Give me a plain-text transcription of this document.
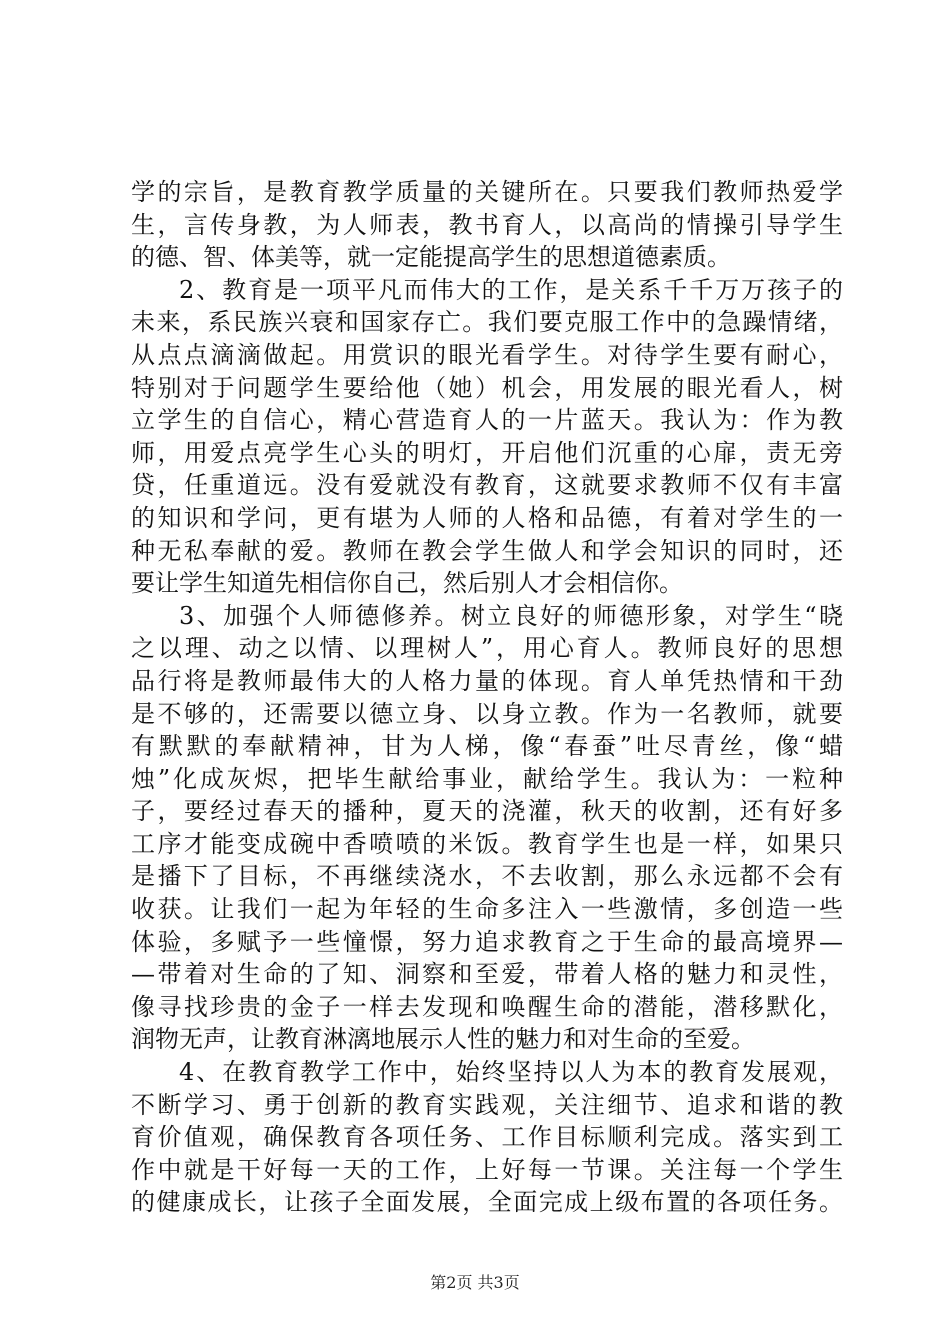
学的宗旨，是教育教学质量的关键所在。只要我们教师热爱学
生，言传身教，为人师表，教书育人，以高尚的情操引导学生
的德、智、体美等，就一定能提高学生的思想道德素质。
2、教育是一项平凡而伟大的工作，是关系千千万万孩子的
未来，系民族兴衰和国家存亡。我们要克服工作中的急躁情绪，
从点点滴滴做起。用赏识的眼光看学生。对待学生要有耐心，
特别对于问题学生要给他（她）机会，用发展的眼光看人，树
立学生的自信心，精心营造育人的一片蓝天。我认为：作为教
师，用爱点亮学生心头的明灯，开启他们沉重的心扉，责无旁
贷，任重道远。没有爱就没有教育，这就要求教师不仅有丰富
的知识和学问，更有堪为人师的人格和品德，有着对学生的一
种无私奉献的爱。教师在教会学生做人和学会知识的同时，还
要让学生知道先相信你自己，然后别人才会相信你。
3、加强个人师德修养。树立良好的师德形象，对学生“晓
之以理、动之以情、以理树人”，用心育人。教师良好的思想
品行将是教师最伟大的人格力量的体现。育人单凭热情和干劲
是不够的，还需要以德立身、以身立教。作为一名教师，就要
有默默的奉献精神，甘为人梯，像“春蚕”吐尽青丝，像“蜡
烛”化成灰烬，把毕生献给事业，献给学生。我认为：一粒种
子，要经过春天的播种，夏天的浇灌，秋天的收割，还有好多
工序才能变成碗中香喷喷的米饭。教育学生也是一样，如果只
是播下了目标，不再继续浇水，不去收割，那么永远都不会有
收获。让我们一起为年轻的生命多注入一些激情，多创造一些
体验，多赋予一些憧憬，努力追求教育之于生命的最高境界—
—带着对生命的了知、洞察和至爱，带着人格的魅力和灵性，
像寻找珍贵的金子一样去发现和唤醒生命的潜能，潜移默化，
润物无声，让教育淋漓地展示人性的魅力和对生命的至爱。
4、在教育教学工作中，始终坚持以人为本的教育发展观，
不断学习、勇于创新的教育实践观，关注细节、追求和谐的教
育价值观，确保教育各项任务、工作目标顺利完成。落实到工
作中就是干好每一天的工作，上好每一节课。关注每一个学生
的健康成长，让孩子全面发展，全面完成上级布置的各项任务。
第2页 共3页
